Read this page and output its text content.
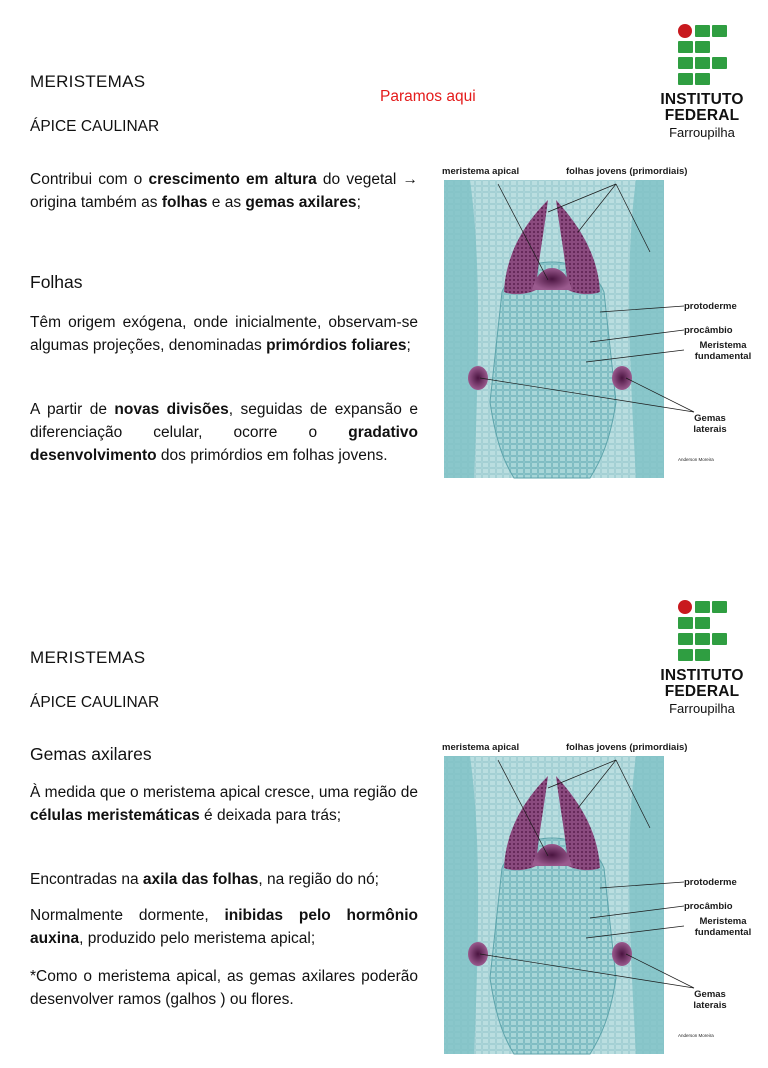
MERISTEMAS
ÁPICE CAULINAR
Paramos aqui	INSTITUTO
FEDERAL
Farroupilha
Contribui com o crescimento em altura do vegetal → origina também as folhas e as gemas axilares;
Folhas
Têm origem exógena, onde inicialmente, observam-se algumas projeções, denominadas primórdios foliares;
A partir de novas divisões, seguidas de expansão e diferenciação celular, ocorre o gradativo desenvolvimento dos primórdios em folhas jovens.
meristema apical	folhas jovens (primordiais)
protoderme
procâmbio
Meristema
fundamental
Gemas
laterais
Anderson Moreira
MERISTEMAS
ÁPICE CAULINAR
INSTITUTO
FEDERAL
Farroupilha
Gemas axilares
À medida que o meristema apical cresce, uma região de células meristemáticas é deixada para trás;
Encontradas na axila das folhas, na região do nó;
Normalmente dormente, inibidas pelo hormônio auxina, produzido pelo meristema apical;
*Como o meristema apical, as gemas axilares poderão desenvolver ramos (galhos ) ou flores.
meristema apical	folhas jovens (primordiais)
protoderme
procâmbio
Meristema
fundamental
Gemas
laterais
Anderson Moreira
